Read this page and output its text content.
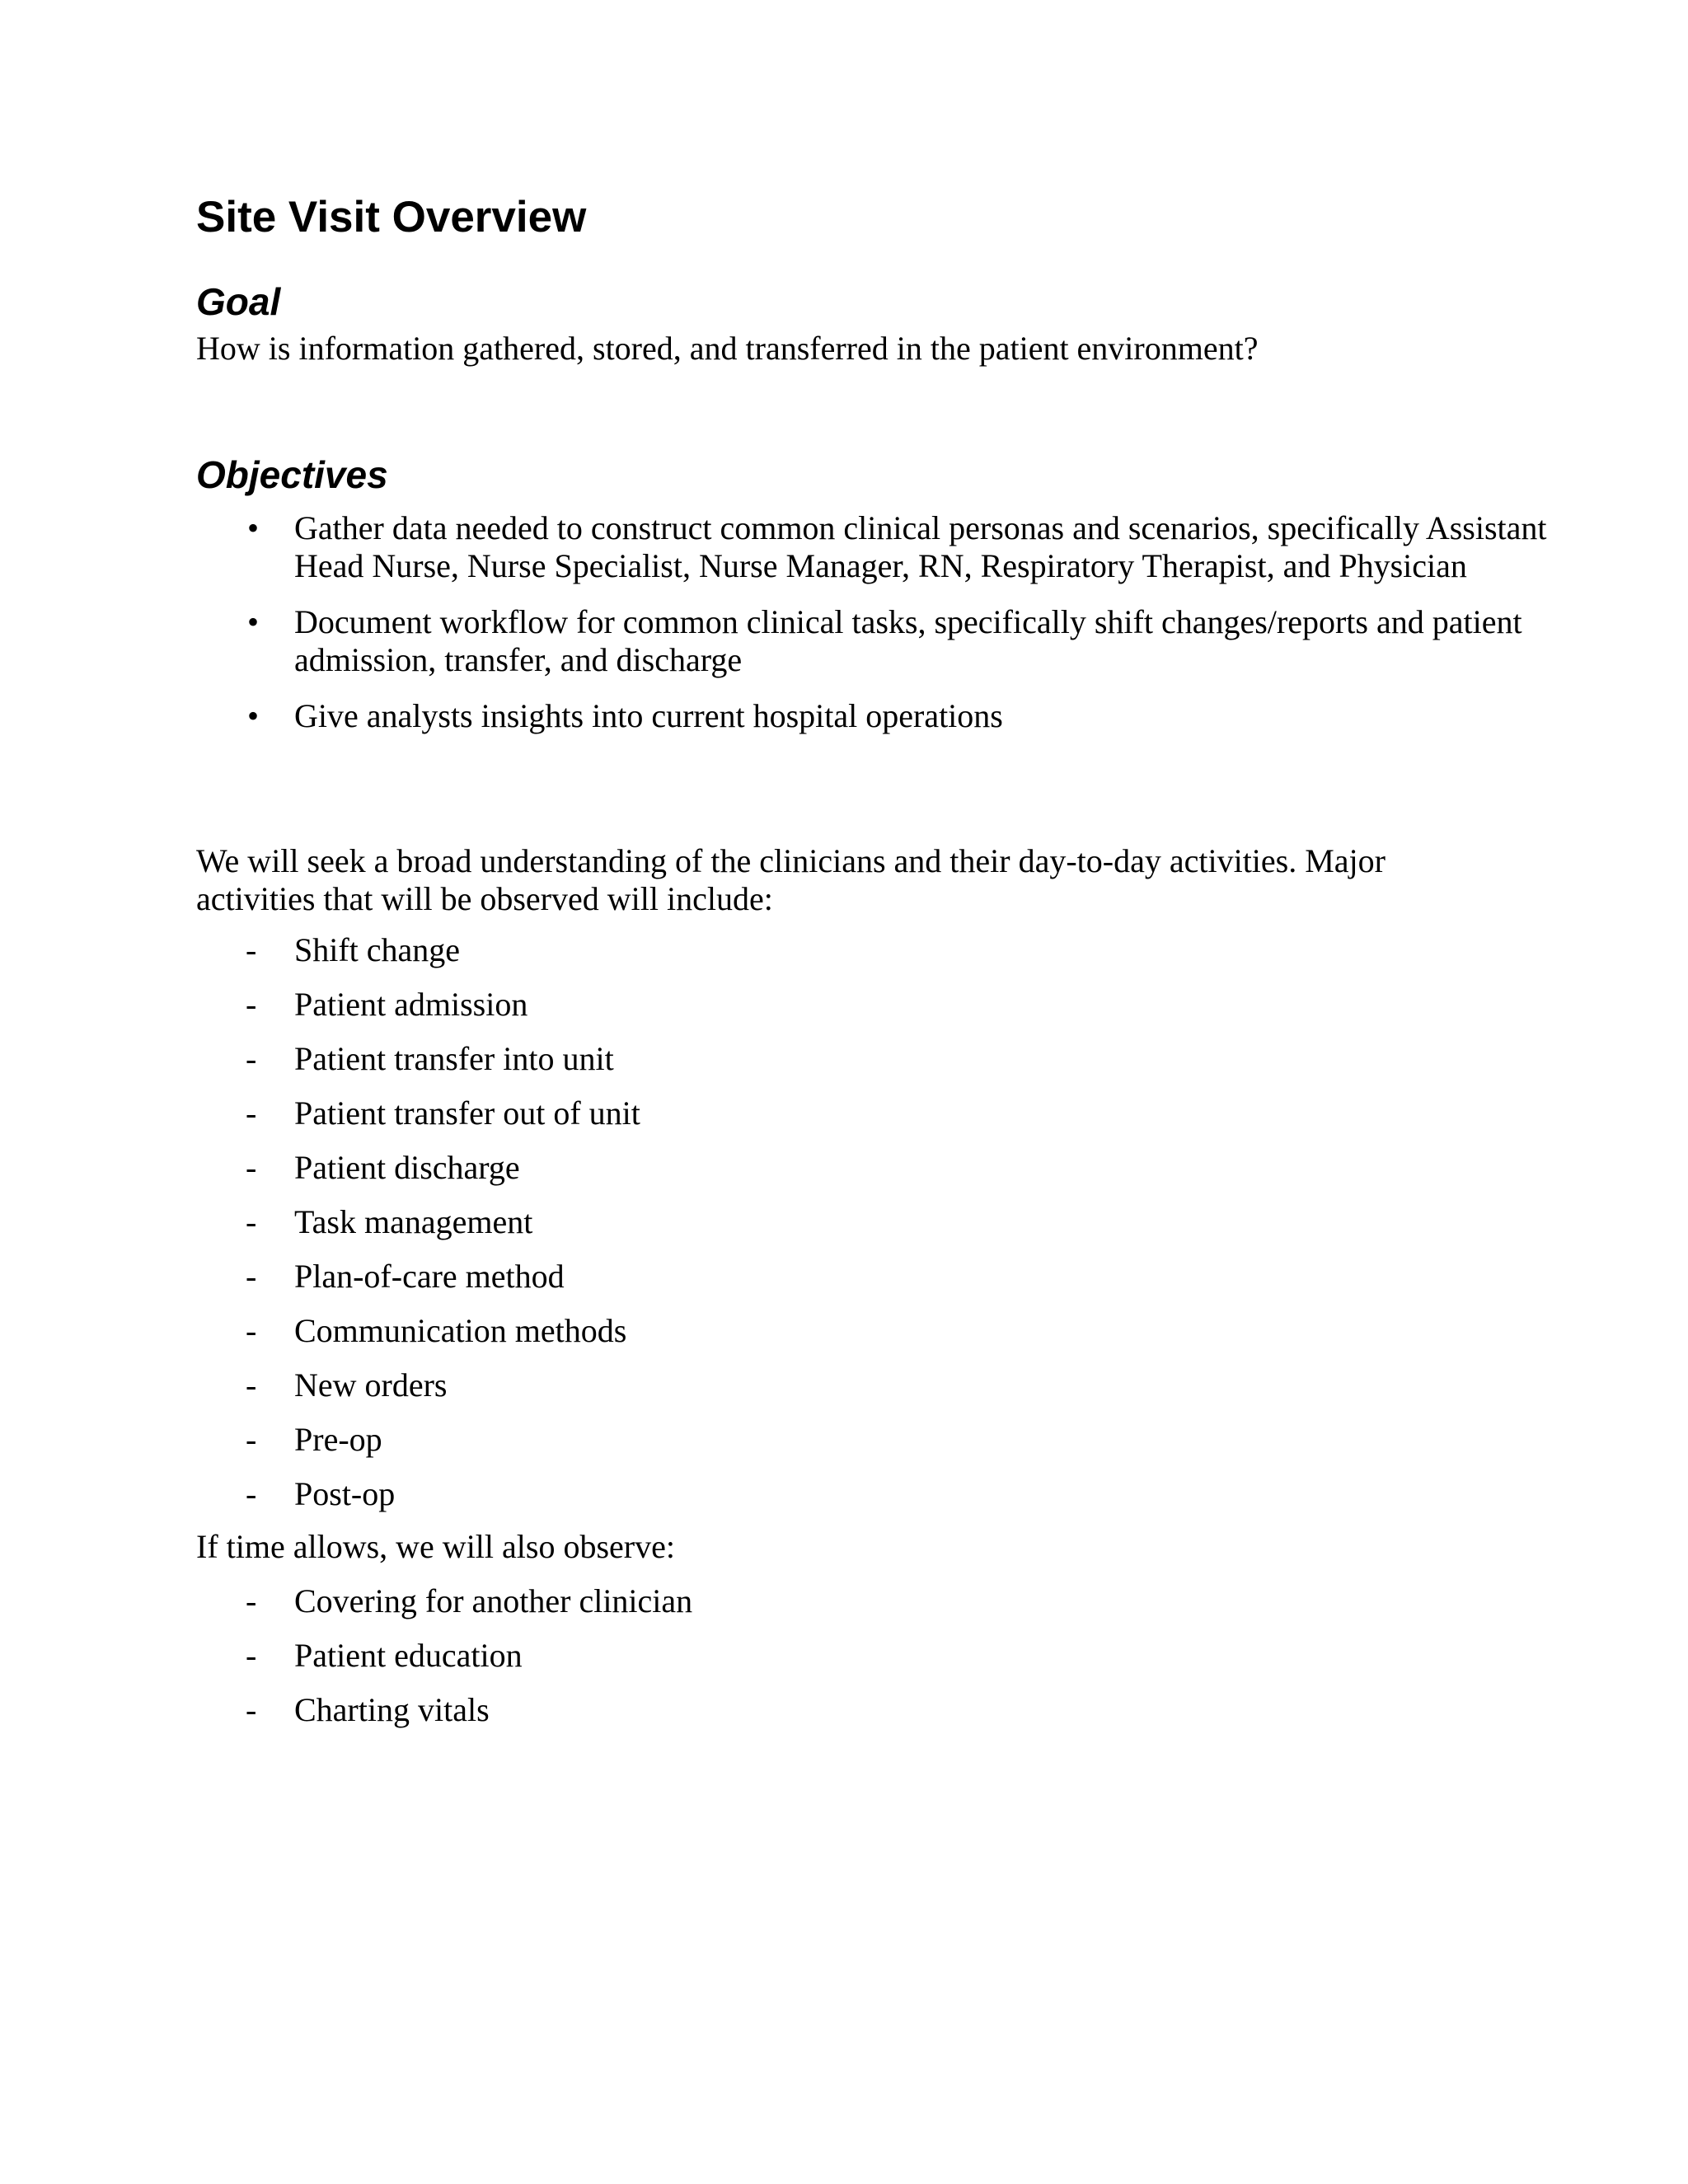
Site Visit Overview
Goal

How is information gathered, stored, and transferred in the patient environment?

Objectives
• Gather data needed to construct common clinical personas and scenarios, specifically Assistant Head Nurse, Nurse Specialist, Nurse Manager, RN, Respiratory Therapist, and Physician
• Document workflow for common clinical tasks, specifically shift changes/reports and patient admission, transfer, and discharge
• Give analysts insights into current hospital operations

We will seek a broad understanding of the clinicians and their day-to-day activities. Major activities that will be observed will include:

- Shift change
- Patient admission
- Patient transfer into unit
- Patient transfer out of unit
- Patient discharge
- Task management
- Plan-of-care method
- Communication methods
- New orders
- Pre-op
- Post-op

If time allows, we will also observe:

- Covering for another clinician
- Patient education
- Charting vitals
